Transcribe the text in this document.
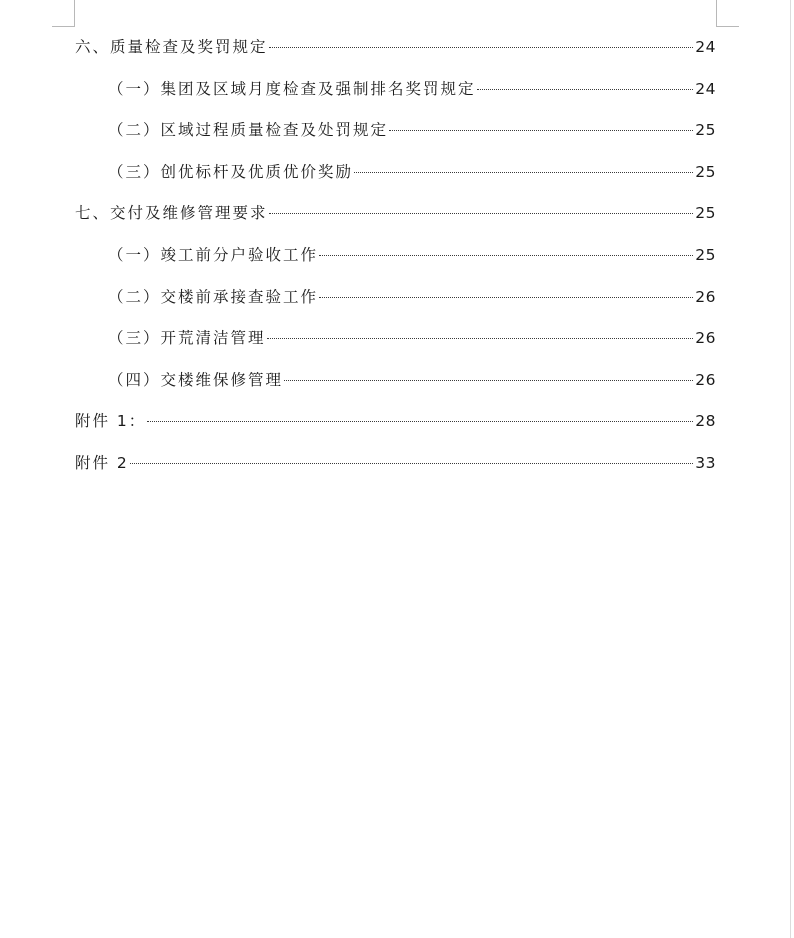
六、质量检查及奖罚规定	24
（一）集团及区域月度检查及强制排名奖罚规定	24
（二）区域过程质量检查及处罚规定	25
（三）创优标杆及优质优价奖励	25
七、交付及维修管理要求	25
（一）竣工前分户验收工作	25
（二）交楼前承接查验工作	26
（三）开荒清洁管理	26
（四）交楼维保修管理	26
附件 1：	28
附件 2	33
